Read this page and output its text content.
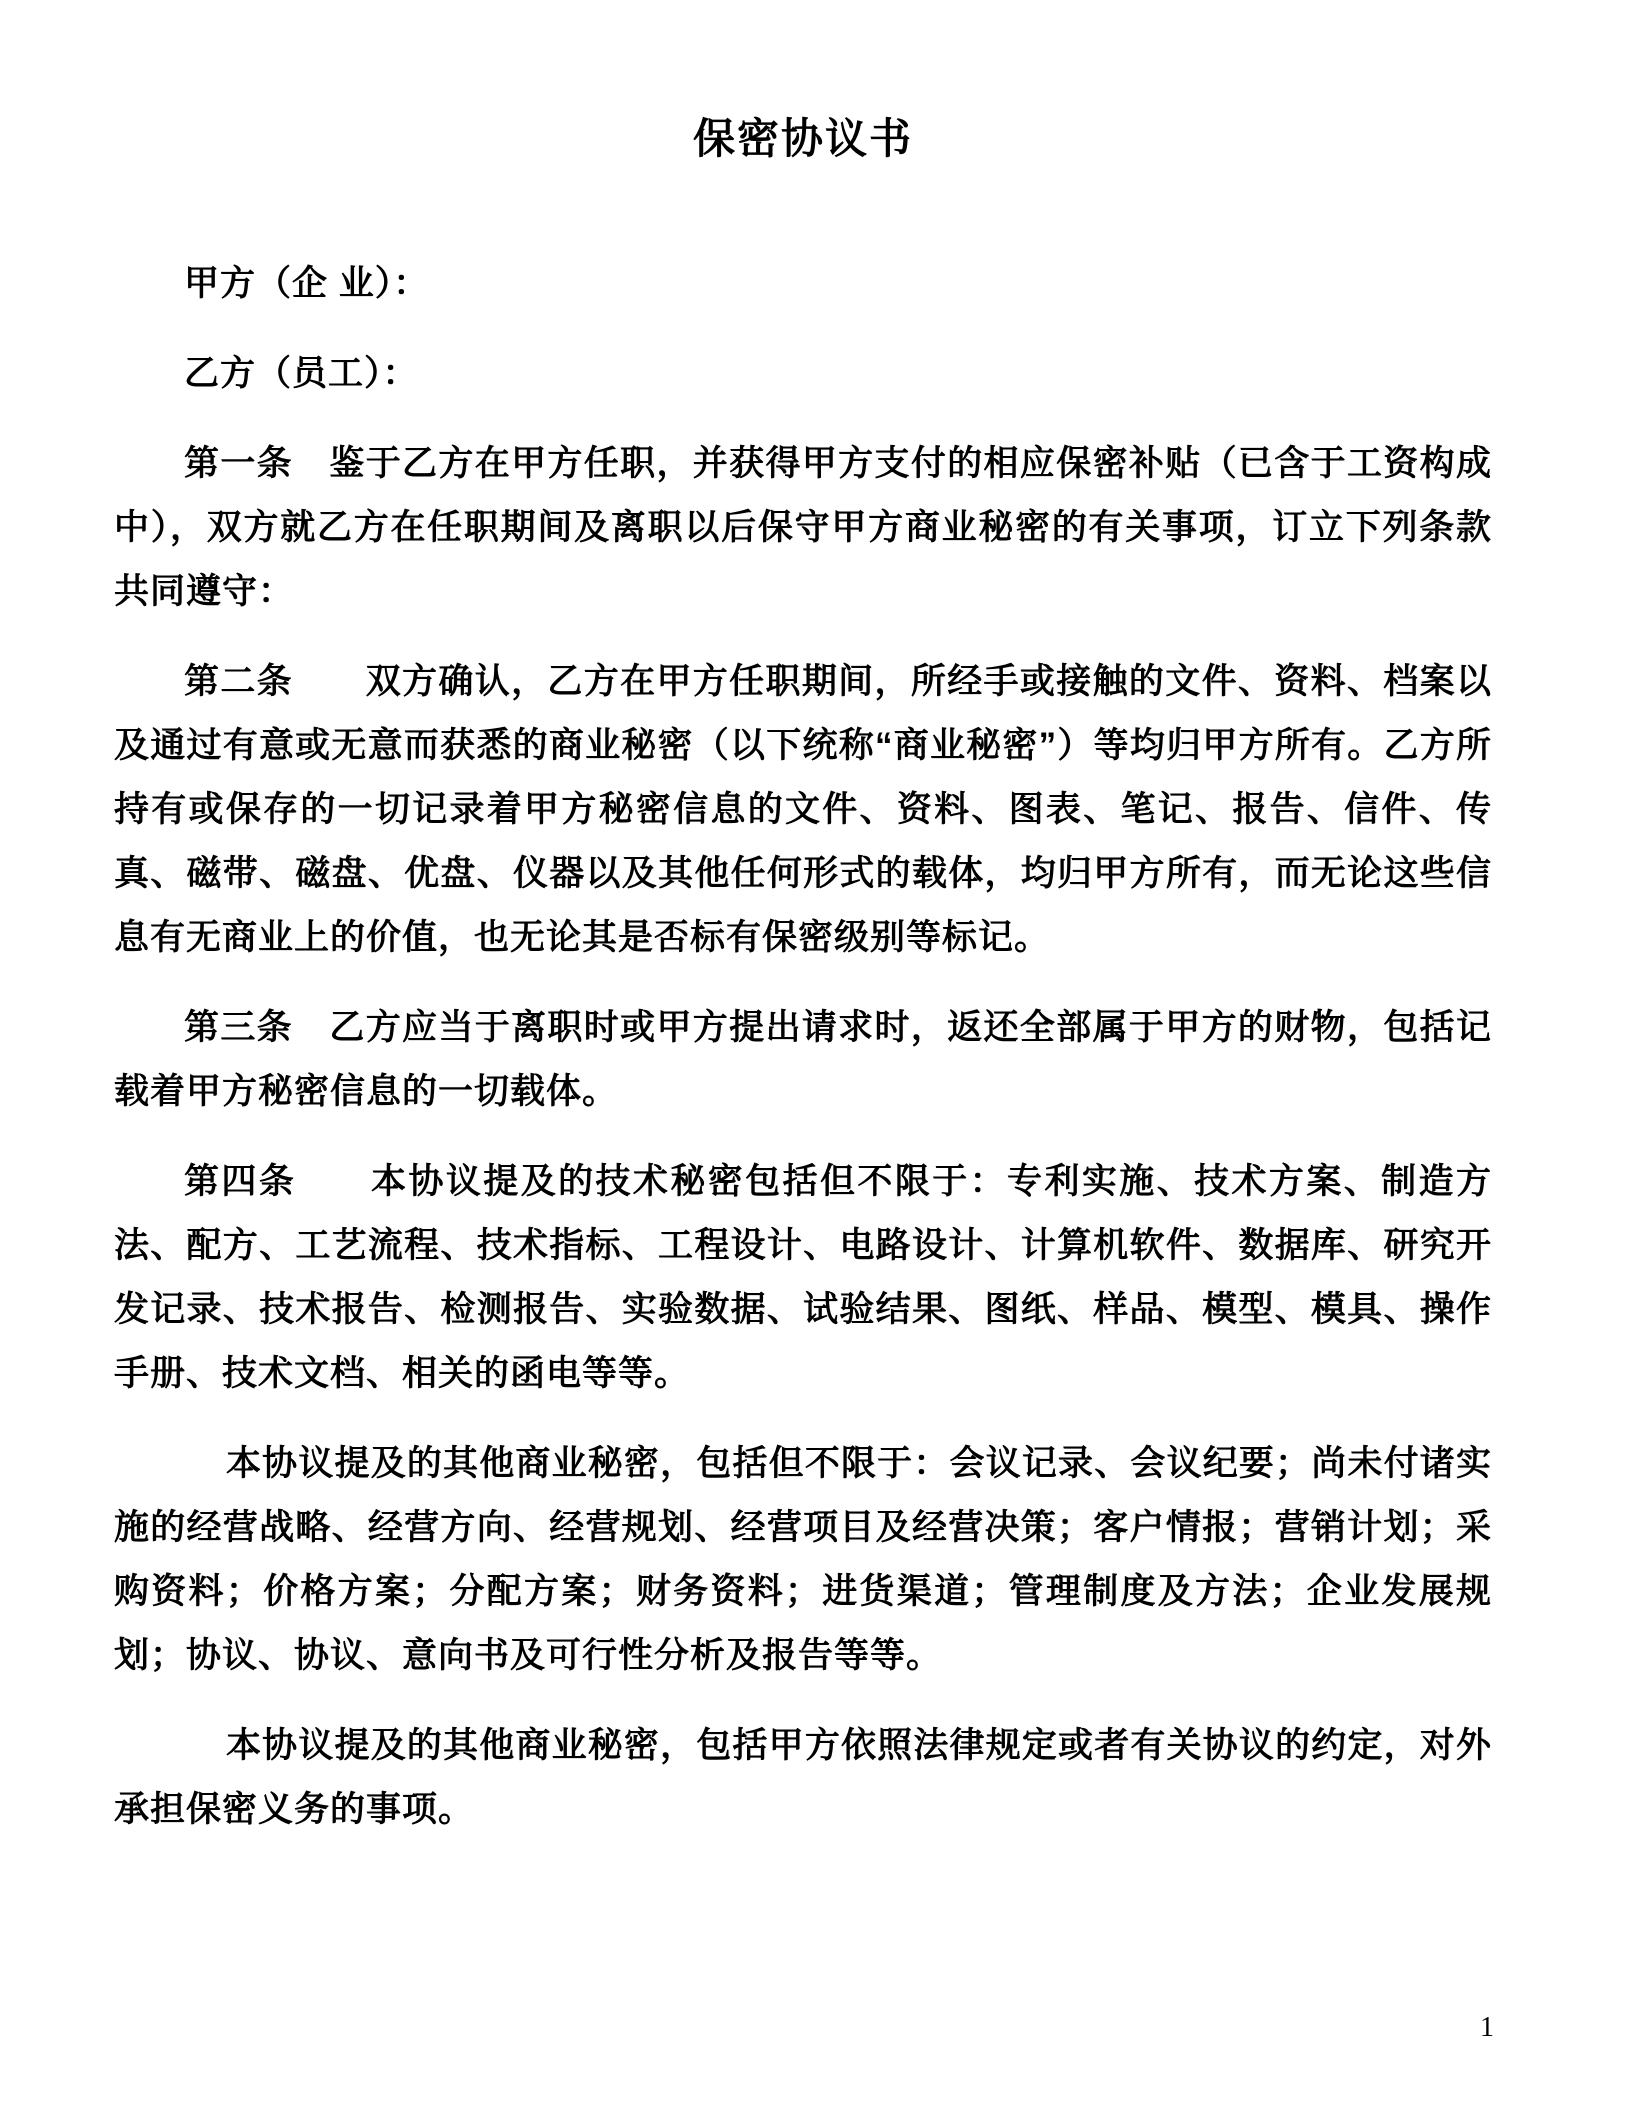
保密协议书

甲方（企 业）：

乙方（员工）：

第一条　鉴于乙方在甲方任职，并获得甲方支付的相应保密补贴（已含于工资构成中），双方就乙方在任职期间及离职以后保守甲方商业秘密的有关事项，订立下列条款共同遵守：

第二条　　双方确认，乙方在甲方任职期间，所经手或接触的文件、资料、档案以及通过有意或无意而获悉的商业秘密（以下统称“商业秘密”）等均归甲方所有。乙方所持有或保存的一切记录着甲方秘密信息的文件、资料、图表、笔记、报告、信件、传真、磁带、磁盘、优盘、仪器以及其他任何形式的载体，均归甲方所有，而无论这些信息有无商业上的价值，也无论其是否标有保密级别等标记。

第三条　乙方应当于离职时或甲方提出请求时，返还全部属于甲方的财物，包括记载着甲方秘密信息的一切载体。

第四条　　本协议提及的技术秘密包括但不限于：专利实施、技术方案、制造方法、配方、工艺流程、技术指标、工程设计、电路设计、计算机软件、数据库、研究开发记录、技术报告、检测报告、实验数据、试验结果、图纸、样品、模型、模具、操作手册、技术文档、相关的函电等等。

本协议提及的其他商业秘密，包括但不限于：会议记录、会议纪要；尚未付诸实施的经营战略、经营方向、经营规划、经营项目及经营决策；客户情报；营销计划；采购资料；价格方案；分配方案；财务资料；进货渠道；管理制度及方法；企业发展规划；协议、协议、意向书及可行性分析及报告等等。

本协议提及的其他商业秘密，包括甲方依照法律规定或者有关协议的约定，对外承担保密义务的事项。

1
